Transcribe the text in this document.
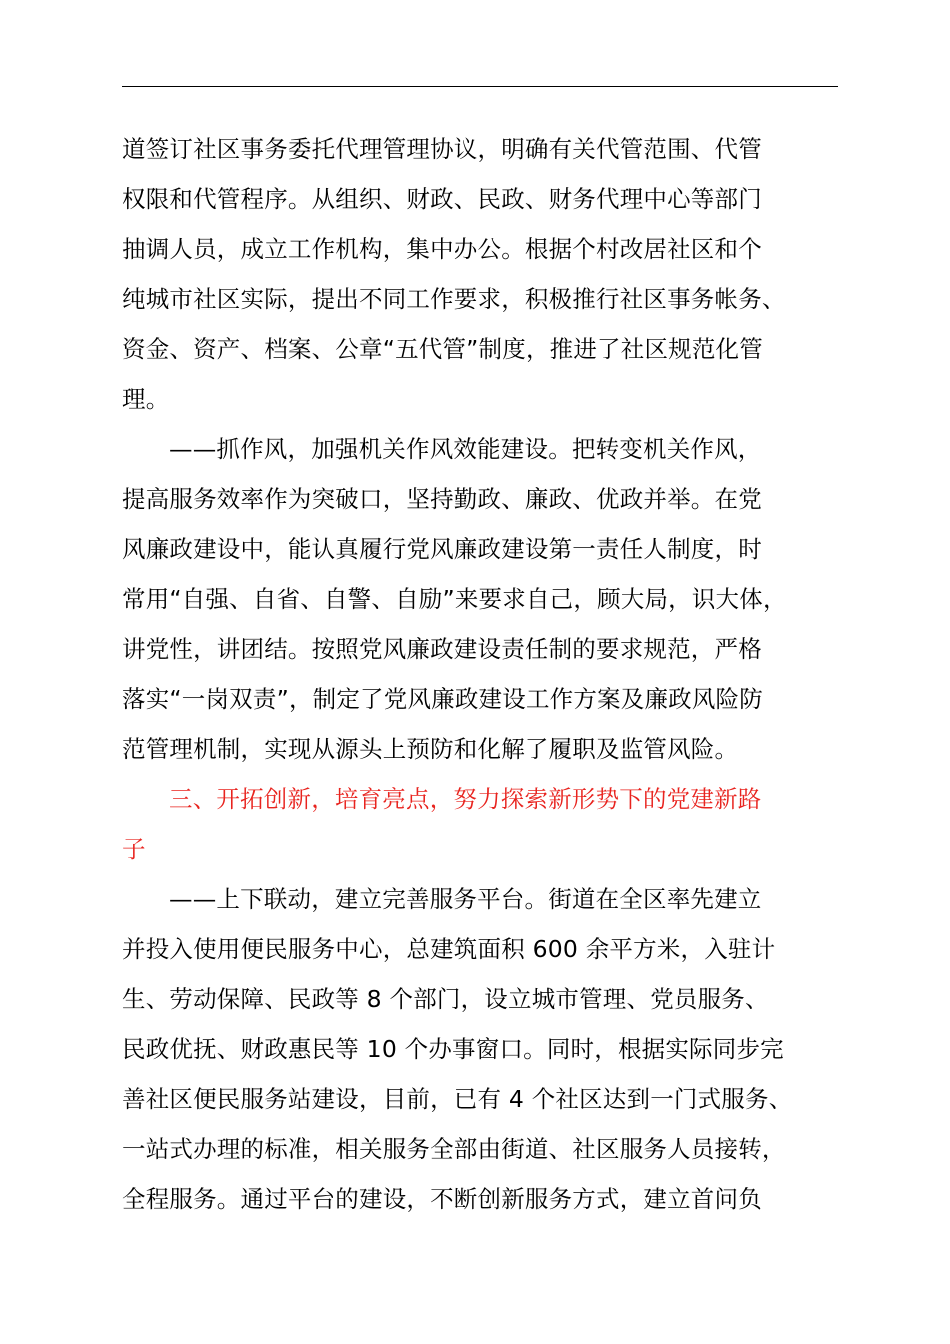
道签订社区事务委托代理管理协议，明确有关代管范围、代管
权限和代管程序。从组织、财政、民政、财务代理中心等部门
抽调人员，成立工作机构，集中办公。根据个村改居社区和个
纯城市社区实际，提出不同工作要求，积极推行社区事务帐务、
资金、资产、档案、公章“五代管”制度，推进了社区规范化管
理。
——抓作风，加强机关作风效能建设。把转变机关作风，
提高服务效率作为突破口，坚持勤政、廉政、优政并举。在党
风廉政建设中，能认真履行党风廉政建设第一责任人制度，时
常用“自强、自省、自警、自励”来要求自己，顾大局，识大体，
讲党性，讲团结。按照党风廉政建设责任制的要求规范，严格
落实“一岗双责”，制定了党风廉政建设工作方案及廉政风险防
范管理机制，实现从源头上预防和化解了履职及监管风险。
三、开拓创新，培育亮点，努力探索新形势下的党建新路
子
——上下联动，建立完善服务平台。街道在全区率先建立
并投入使用便民服务中心，总建筑面积 600 余平方米，入驻计
生、劳动保障、民政等 8 个部门，设立城市管理、党员服务、
民政优抚、财政惠民等 10 个办事窗口。同时，根据实际同步完
善社区便民服务站建设，目前，已有 4 个社区达到一门式服务、
一站式办理的标准，相关服务全部由街道、社区服务人员接转，
全程服务。通过平台的建设，不断创新服务方式，建立首问负
